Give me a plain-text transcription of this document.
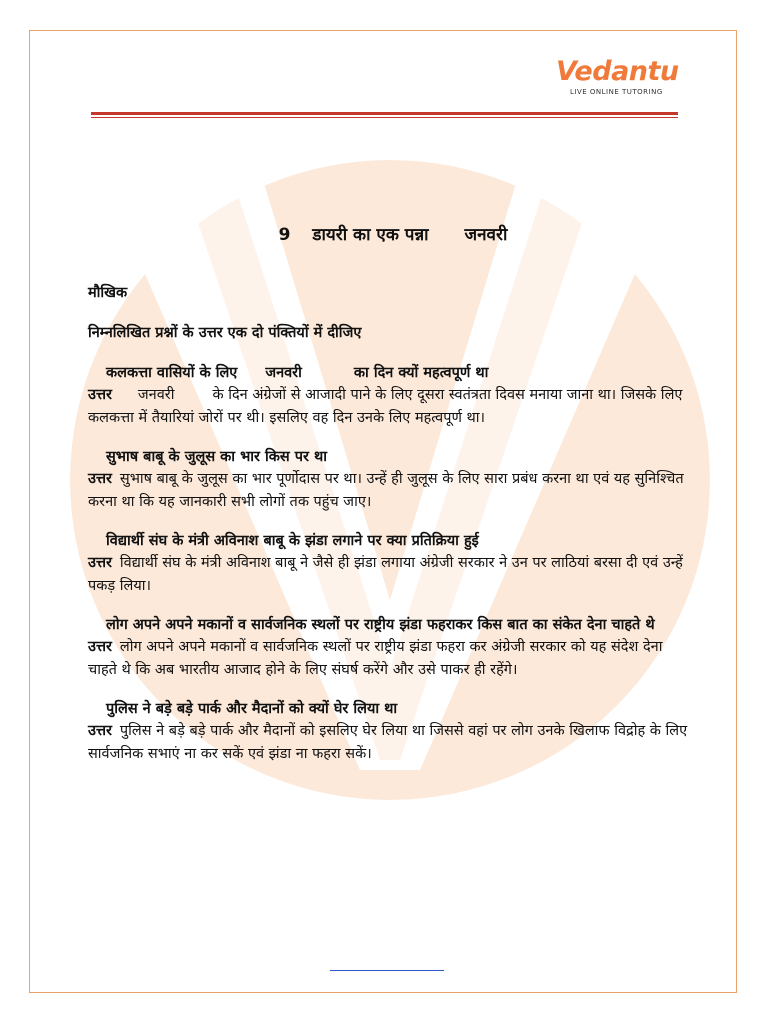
Vedantu
LIVE ONLINE TUTORING
9 डायरी का एक पन्ना जनवरी

मौखिक

निम्नलिखित प्रश्नों के उत्तर एक दो पंक्तियों में दीजिए

कलकत्ता वासियों के लिए जनवरी	का दिन क्यों महत्वपूर्ण था

उत्तर जनवरी	के दिन अंग्रेजों से आजादी पाने के लिए दूसरा स्वतंत्रता दिवस मनाया जाना था। जिसके लिए कलकत्ता में तैयारियां जोरों पर थी। इसलिए वह दिन उनके लिए महत्वपूर्ण था।

सुभाष बाबू के जुलूस का भार किस पर था

उत्तर सुभाष बाबू के जुलूस का भार पूर्णोदास पर था। उन्हें ही जुलूस के लिए सारा प्रबंध करना था एवं यह सुनिश्चित करना था कि यह जानकारी सभी लोगों तक पहुंच जाए।

विद्यार्थी संघ के मंत्री अविनाश बाबू के झंडा लगाने पर क्या प्रतिक्रिया हुई

उत्तर विद्यार्थी संघ के मंत्री अविनाश बाबू ने जैसे ही झंडा लगाया अंग्रेजी सरकार ने उन पर लाठियां बरसा दी एवं उन्हें पकड़ लिया।

लोग अपने अपने मकानों व सार्वजनिक स्थलों पर राष्ट्रीय झंडा फहराकर किस बात का संकेत देना चाहते थे

उत्तर लोग अपने अपने मकानों व सार्वजनिक स्थलों पर राष्ट्रीय झंडा फहरा कर अंग्रेजी सरकार को यह संदेश देना चाहते थे कि अब भारतीय आजाद होने के लिए संघर्ष करेंगे और उसे पाकर ही रहेंगे।

पुलिस ने बड़े बड़े पार्क और मैदानों को क्यों घेर लिया था

उत्तर पुलिस ने बड़े बड़े पार्क और मैदानों को इसलिए घेर लिया था जिससे वहां पर लोग उनके खिलाफ विद्रोह के लिए सार्वजनिक सभाएं ना कर सकें एवं झंडा ना फहरा सकें।
